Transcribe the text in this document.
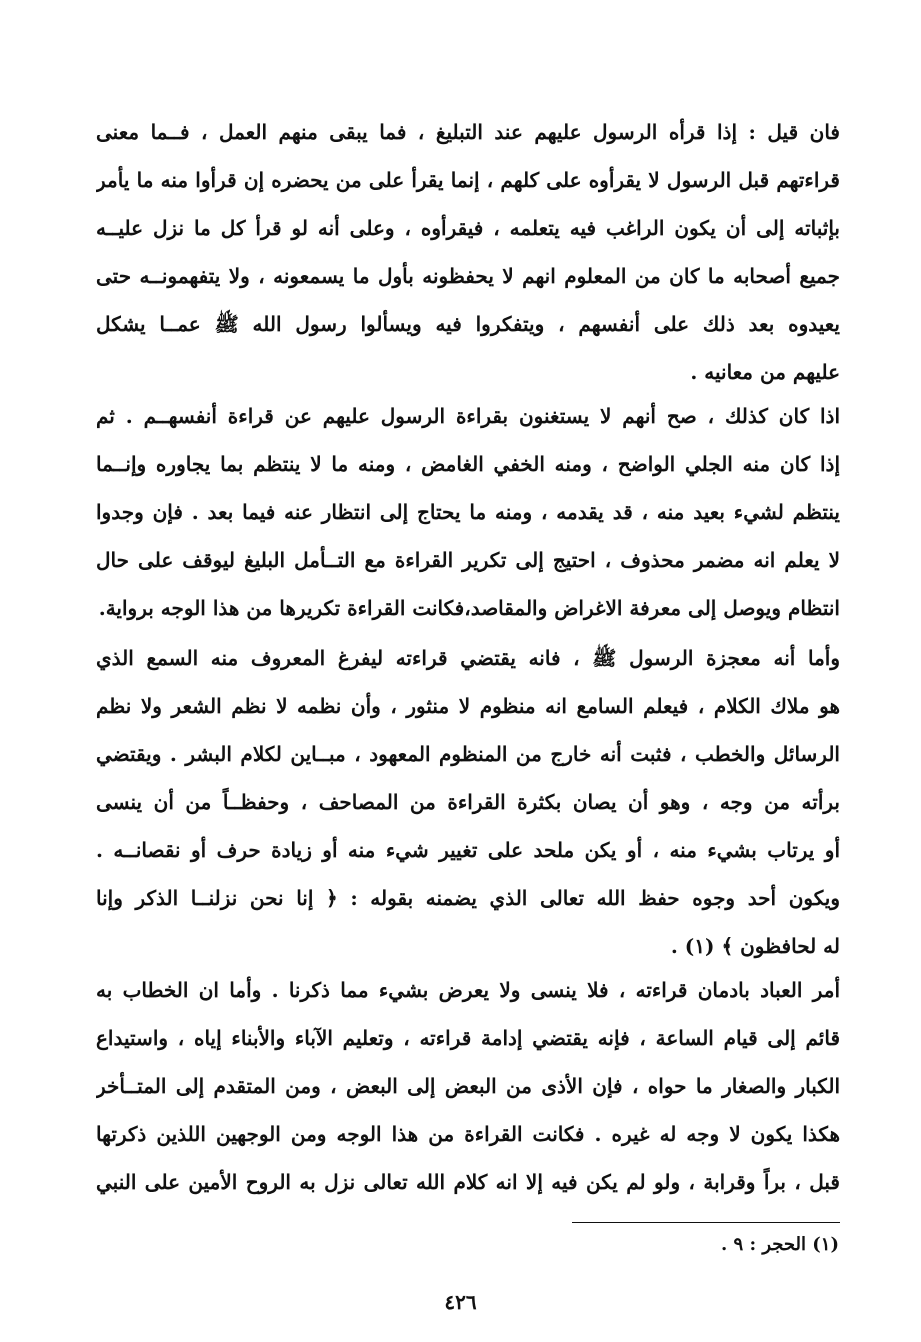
فان قيل : إذا قرأه الرسول عليهم عند التبليغ ، فما يبقى منهم العمل ، فــما معنى
قراءتهم قبل الرسول لا يقرأوه على كلهم ، إنما يقرأ على من يحضره إن قرأوا منه ما يأمر
بإثباته إلى أن يكون الراغب فيه يتعلمه ، فيقرأوه ، وعلى أنه لو قرأ كل ما نزل عليــه
جميع أصحابه ما كان من المعلوم انهم لا يحفظونه بأول ما يسمعونه ، ولا يتفهمونــه حتى
يعيدوه بعد ذلك على أنفسهم ، ويتفكروا فيه ويسألوا رسول الله ﷺ عمــا يشكل
عليهم من معانيه .
اذا كان كذلك ، صح أنهم لا يستغنون بقراءة الرسول عليهم عن قراءة أنفسهــم . ثم
إذا كان منه الجلي الواضح ، ومنه الخفي الغامض ، ومنه ما لا ينتظم بما يجاوره وإنــما
ينتظم لشيء بعيد منه ، قد يقدمه ، ومنه ما يحتاج إلى انتظار عنه فيما بعد . فإن وجدوا
لا يعلم انه مضمر محذوف ، احتيج إلى تكرير القراءة مع التــأمل البليغ ليوقف على حال
انتظام ويوصل إلى معرفة الاغراض والمقاصد،فكانت القراءة تكريرها من هذا الوجه برواية.
وأما أنه معجزة الرسول ﷺ ، فانه يقتضي قراءته ليفرغ المعروف منه السمع الذي
هو ملاك الكلام ، فيعلم السامع انه منظوم لا منثور ، وأن نظمه لا نظم الشعر ولا نظم
الرسائل والخطب ، فثبت أنه خارج من المنظوم المعهود ، مبــاين لكلام البشر . ويقتضي
برأته من وجه ، وهو أن يصان بكثرة القراءة من المصاحف ، وحفظــاً من أن ينسى
أو يرتاب بشيء منه ، أو يكن ملحد على تغيير شيء منه أو زيادة حرف أو نقصانــه .
ويكون أحد وجوه حفظ الله تعالى الذي يضمنه بقوله : ﴿ إنا نحن نزلنــا الذكر وإنا
له لحافظون ﴾ (١) .
أمر العباد بادمان قراءته ، فلا ينسى ولا يعرض بشيء مما ذكرنا . وأما ان الخطاب به
قائم إلى قيام الساعة ، فإنه يقتضي إدامة قراءته ، وتعليم الآباء والأبناء إياه ، واستيداع
الكبار والصغار ما حواه ، فإن الأذى من البعض إلى البعض ، ومن المتقدم إلى المتــأخر
هكذا يكون لا وجه له غيره . فكانت القراءة من هذا الوجه ومن الوجهين اللذين ذكرتها
قبل ، براً وقرابة ، ولو لم يكن فيه إلا انه كلام الله تعالى نزل به الروح الأمين على النبي
(١) الحجر : ٩ .
٤٢٦
